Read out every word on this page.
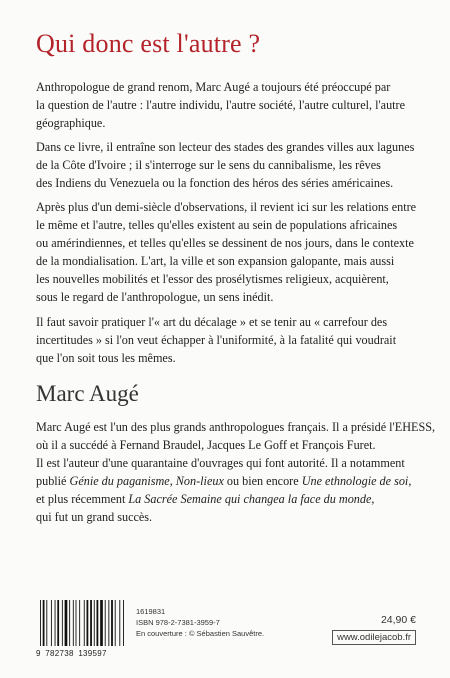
Qui donc est l'autre ?

Anthropologue de grand renom, Marc Augé a toujours été préoccupé par
la question de l'autre : l'autre individu, l'autre société, l'autre culturel, l'autre
géographique.

Dans ce livre, il entraîne son lecteur des stades des grandes villes aux lagunes
de la Côte d'Ivoire ; il s'interroge sur le sens du cannibalisme, les rêves
des Indiens du Venezuela ou la fonction des héros des séries américaines.

Après plus d'un demi-siècle d'observations, il revient ici sur les relations entre
le même et l'autre, telles qu'elles existent au sein de populations africaines
ou amérindiennes, et telles qu'elles se dessinent de nos jours, dans le contexte
de la mondialisation. L'art, la ville et son expansion galopante, mais aussi
les nouvelles mobilités et l'essor des prosélytismes religieux, acquièrent,
sous le regard de l'anthropologue, un sens inédit.

Il faut savoir pratiquer l'« art du décalage » et se tenir au « carrefour des
incertitudes » si l'on veut échapper à l'uniformité, à la fatalité qui voudrait
que l'on soit tous les mêmes.

Marc Augé

Marc Augé est l'un des plus grands anthropologues français. Il a présidé l'EHESS,
où il a succédé à Fernand Braudel, Jacques Le Goff et François Furet.
Il est l'auteur d'une quarantaine d'ouvrages qui font autorité. Il a notamment
publié Génie du paganisme, Non-lieux ou bien encore Une ethnologie de soi,
et plus récemment La Sacrée Semaine qui changea la face du monde,
qui fut un grand succès.

9 782738 139597
1619831
ISBN 978-2-7381-3959-7
En couverture : © Sébastien Sauvêtre.
24,90 €
www.odilejacob.fr
